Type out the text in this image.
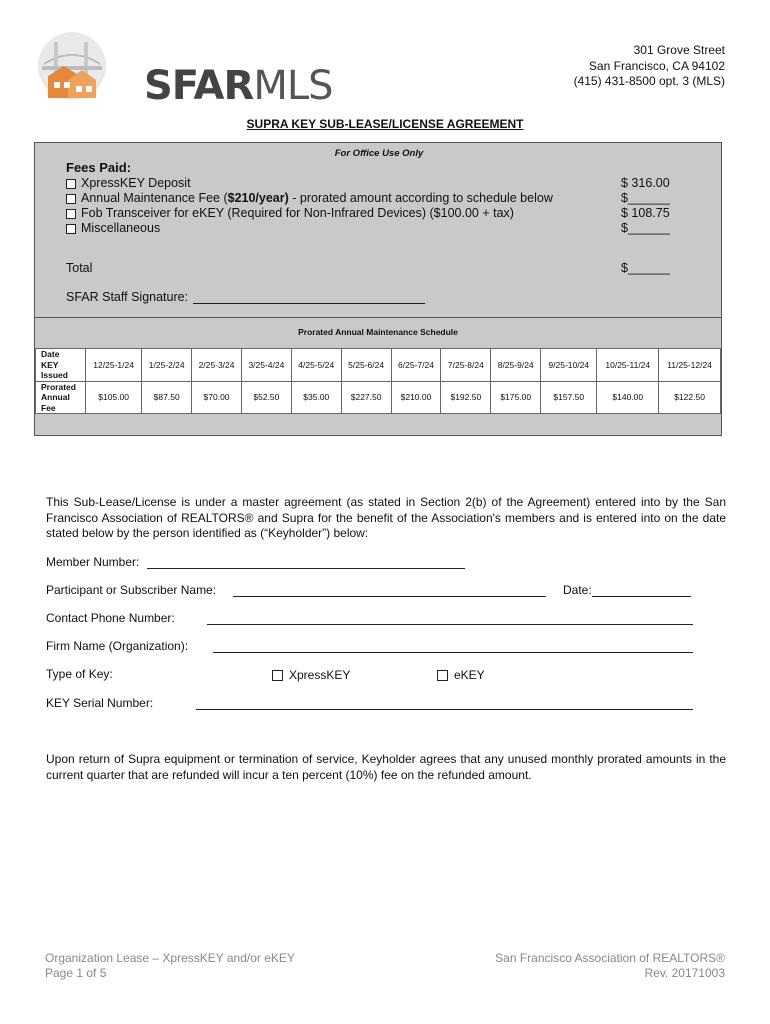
SFARMLS
301 Grove Street
San Francisco, CA 94102
(415) 431-8500 opt. 3 (MLS)
SUPRA KEY SUB-LEASE/LICENSE AGREEMENT
For Office Use Only
Fees Paid:
XpressKEY Deposit	$ 316.00
Annual Maintenance Fee ( $210/year) - prorated amount according to schedule below	$______
Fob Transceiver for eKEY (Required for Non-Infrared Devices) ($100.00 + tax)	$ 108.75
Miscellaneous	$______
Total	$______
SFAR Staff Signature:
Prorated Annual Maintenance Schedule
Date
KEY
Issued	12/25-1/24	1/25-2/24	2/25-3/24	3/25-4/24	4/25-5/24	5/25-6/24	6/25-7/24	7/25-8/24	8/25-9/24	9/25-10/24	10/25-11/24	11/25-12/24

Prorated
Annual
Fee	$105.00	$87.50	$70.00	$52.50	$35.00	$227.50	$210.00	$192.50	$175.00	$157.50	$140.00	$122.50
This Sub-Lease/License is under a master agreement (as stated in Section 2(b) of the Agreement) entered into by the San Francisco Association of REALTORS® and Supra for the benefit of the Association's members and is entered into on the date stated below by the person identified as (“Keyholder”) below:
Member Number:
Participant or Subscriber Name:	Date:
Contact Phone Number:
Firm Name (Organization):
Type of Key:	XpressKEY	eKEY
KEY Serial Number:
Upon return of Supra equipment or termination of service, Keyholder agrees that any unused monthly prorated amounts in the current quarter that are refunded will incur a ten percent (10%) fee on the refunded amount.
Organization Lease – XpressKEY and/or eKEY
Page 1 of 5
San Francisco Association of REALTORS®
Rev. 20171003
